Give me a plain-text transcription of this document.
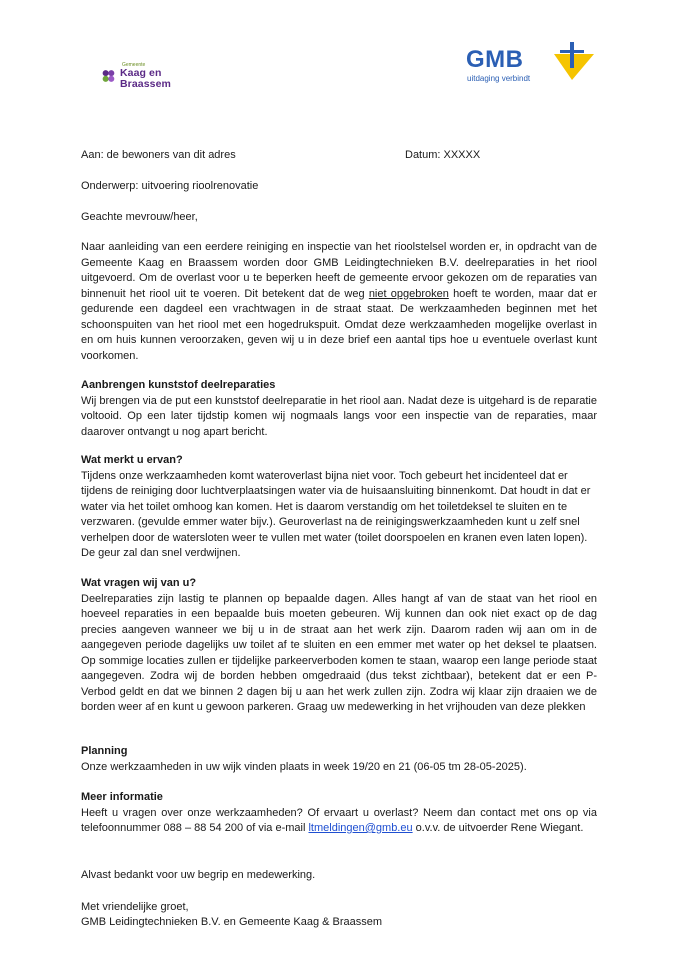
Gemeente
Kaag en Braassem
GMB
uitdaging verbindt
Aan: de bewoners van dit adres	Datum: XXXXX
Onderwerp: uitvoering rioolrenovatie
Geachte mevrouw/heer,

Naar aanleiding van een eerdere reiniging en inspectie van het rioolstelsel worden er, in opdracht van de Gemeente Kaag en Braassem worden door GMB Leidingtechnieken B.V. deelreparaties in het riool uitgevoerd. Om de overlast voor u te beperken heeft de gemeente ervoor gekozen om de reparaties van binnenuit het riool uit te voeren. Dit betekent dat de weg niet opgebroken hoeft te worden, maar dat er gedurende een dagdeel een vrachtwagen in de straat staat. De werkzaamheden beginnen met het schoonspuiten van het riool met een hogedrukspuit. Omdat deze werkzaamheden mogelijke overlast in en om huis kunnen veroorzaken, geven wij u in deze brief een aantal tips hoe u eventuele overlast kunt voorkomen.

Aanbrengen kunststof deelreparaties

Wij brengen via de put een kunststof deelreparatie in het riool aan. Nadat deze is uitgehard is de reparatie voltooid. Op een later tijdstip komen wij nogmaals langs voor een inspectie van de reparaties, maar daarover ontvangt u nog apart bericht.

Wat merkt u ervan?

Tijdens onze werkzaamheden komt wateroverlast bijna niet voor. Toch gebeurt het incidenteel dat er tijdens de reiniging door luchtverplaatsingen water via de huisaansluiting binnenkomt. Dat houdt in dat er water via het toilet omhoog kan komen. Het is daarom verstandig om het toiletdeksel te sluiten en te verzwaren. (gevulde emmer water bijv.). Geuroverlast na de reinigingswerkzaamheden kunt u zelf snel verhelpen door de watersloten weer te vullen met water (toilet doorspoelen en kranen even laten lopen). De geur zal dan snel verdwijnen.

Wat vragen wij van u?

Deelreparaties zijn lastig te plannen op bepaalde dagen. Alles hangt af van de staat van het riool en hoeveel reparaties in een bepaalde buis moeten gebeuren. Wij kunnen dan ook niet exact op de dag precies aangeven wanneer we bij u in de straat aan het werk zijn. Daarom raden wij aan om in de aangegeven periode dagelijks uw toilet af te sluiten en een emmer met water op het deksel te plaatsen. Op sommige locaties zullen er tijdelijke parkeerverboden komen te staan, waarop een lange periode staat aangegeven. Zodra wij de borden hebben omgedraaid (dus tekst zichtbaar), betekent dat er een P-Verbod geldt en dat we binnen 2 dagen bij u aan het werk zullen zijn. Zodra wij klaar zijn draaien we de borden weer af en kunt u gewoon parkeren. Graag uw medewerking in het vrijhouden van deze plekken

Planning

Onze werkzaamheden in uw wijk vinden plaats in week 19/20 en 21 (06-05 tm 28-05-2025).

Meer informatie

Heeft u vragen over onze werkzaamheden? Of ervaart u overlast? Neem dan contact met ons op via telefoonnummer 088 – 88 54 200 of via e-mail ltmeldingen@gmb.eu o.v.v. de uitvoerder Rene Wiegant.

Alvast bedankt voor uw begrip en medewerking.
Met vriendelijke groet,
GMB Leidingtechnieken B.V. en Gemeente Kaag & Braassem
